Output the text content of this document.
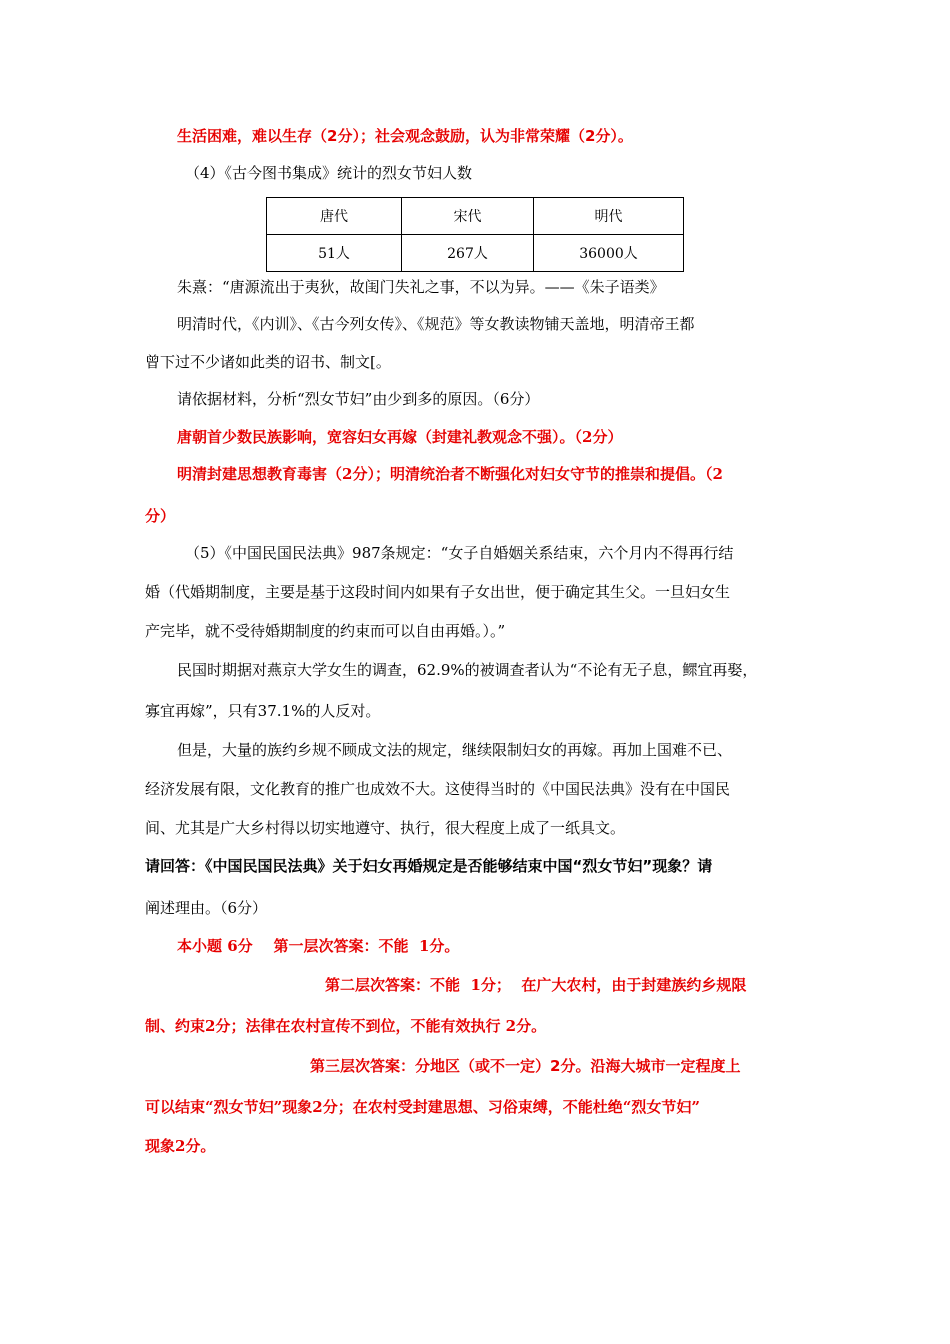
生活困难，难以生存（2分）；社会观念鼓励，认为非常荣耀（2分）。
（4）《古今图书集成》统计的烈女节妇人数
唐代	宋代	明代
51人	267人	36000人
朱熹：“唐源流出于夷狄，故闺门失礼之事，不以为异。——《朱子语类》
明清时代，《内训》、《古今列女传》、《规范》等女教读物铺天盖地，明清帝王都
曾下过不少诸如此类的诏书、制文[。
请依据材料，分析“烈女节妇”由少到多的原因。（6分）
唐朝首少数民族影响，宽容妇女再嫁（封建礼教观念不强）。（2分）
明清封建思想教育毒害（2分）；明清统治者不断强化对妇女守节的推崇和提倡。（2
分）
（5）《中国民国民法典》987条规定：“女子自婚姻关系结束，六个月内不得再行结
婚（代婚期制度，主要是基于这段时间内如果有子女出世，便于确定其生父。一旦妇女生
产完毕，就不受待婚期制度的约束而可以自由再婚。）。”
民国时期据对燕京大学女生的调查，62.9%的被调查者认为“不论有无子息，鳏宜再娶，
寡宜再嫁”，只有37.1%的人反对。
但是，大量的族约乡规不顾成文法的规定，继续限制妇女的再嫁。再加上国难不已、
经济发展有限，文化教育的推广也成效不大。这使得当时的《中国民法典》没有在中国民
间、尤其是广大乡村得以切实地遵守、执行，很大程度上成了一纸具文。
请回答：《中国民国民法典》关于妇女再婚规定是否能够结束中国“烈女节妇”现象？请
阐述理由。（6分）
本小题 6分    第一层次答案：不能  1分。
第二层次答案：不能  1分；  在广大农村，由于封建族约乡规限
制、约束2分；法律在农村宣传不到位，不能有效执行 2分。
第三层次答案：分地区（或不一定）2分。沿海大城市一定程度上
可以结束“烈女节妇”现象2分；在农村受封建思想、习俗束缚，不能杜绝“烈女节妇”
现象2分。
